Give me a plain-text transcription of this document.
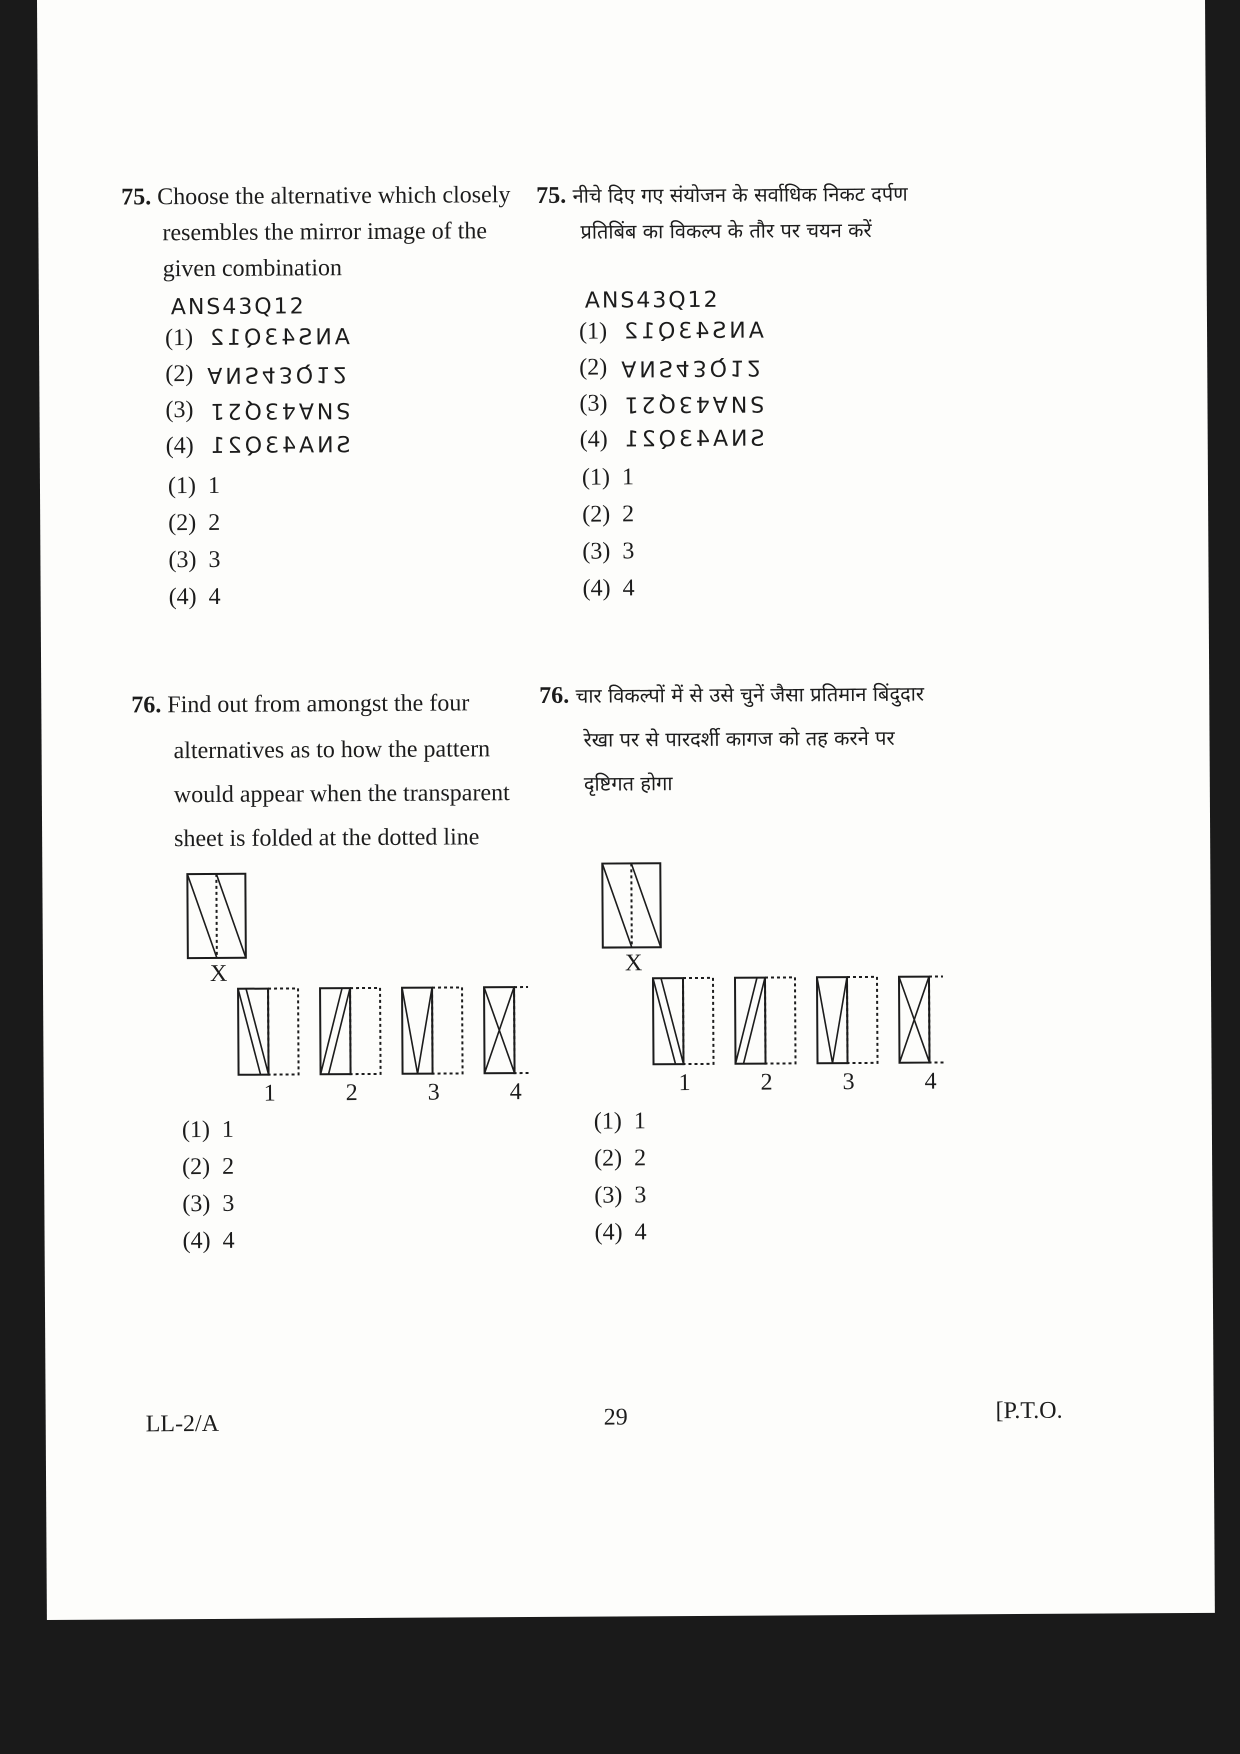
75. Choose the alternative which closely
resembles the mirror image of the
given combination
ANS43Q12
(1) ANS43Q12
(2) ANS43Q12
(3) SNA43Q21
(4) SNA43Q21
(1) 1
(2) 2
(3) 3
(4) 4
75. नीचे दिए गए संयोजन के सर्वाधिक निकट दर्पण
प्रतिबिंब का विकल्प के तौर पर चयन करें
ANS43Q12
(1) ANS43Q12
(2) ANS43Q12
(3) SNA43Q21
(4) SNA43Q21
(1) 1
(2) 2
(3) 3
(4) 4
76. Find out from amongst the four
alternatives as to how the pattern
would appear when the transparent
sheet is folded at the dotted line
X
1	2	3	4
(1) 1
(2) 2
(3) 3
(4) 4
76. चार विकल्पों में से उसे चुनें जैसा प्रतिमान बिंदुदार
रेखा पर से पारदर्शी कागज को तह करने पर
दृष्टिगत होगा
X
1	2	3	4
(1) 1
(2) 2
(3) 3
(4) 4
LL-2/A	29	[P.T.O.
